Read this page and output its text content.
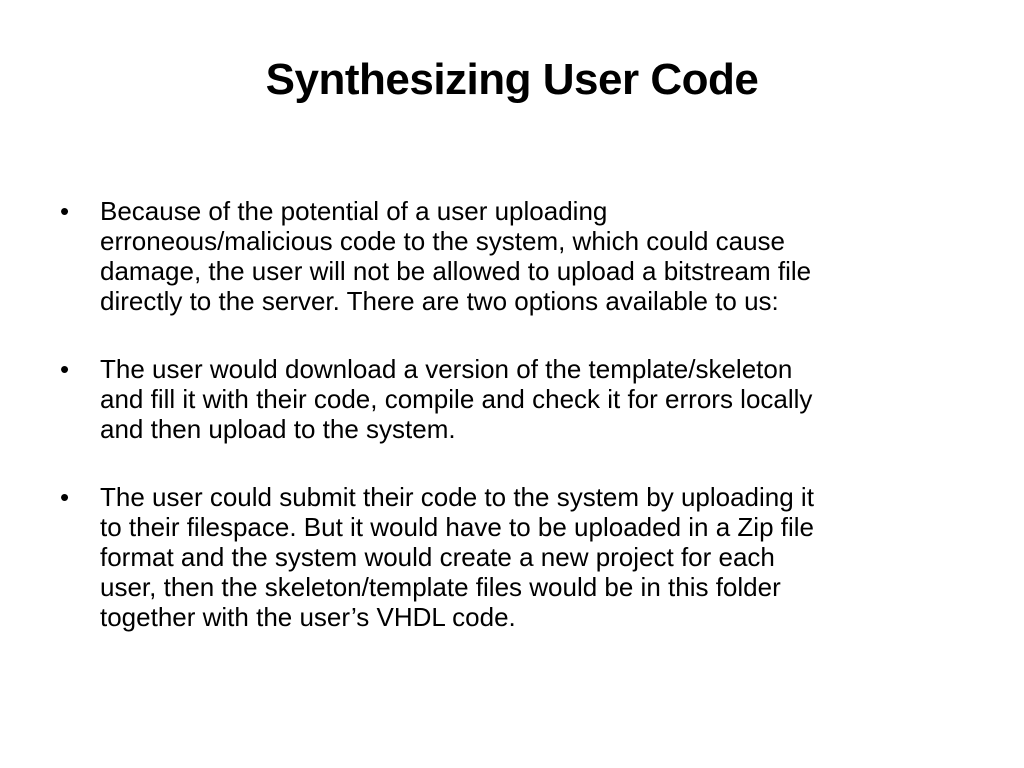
Synthesizing User Code
• Because of the potential of a user uploading
erroneous/malicious code to the system, which could cause
damage, the user will not be allowed to upload a bitstream file
directly to the server. There are two options available to us:
• The user would download a version of the template/skeleton
and fill it with their code, compile and check it for errors locally
and then upload to the system.
• The user could submit their code to the system by uploading it
to their filespace. But it would have to be uploaded in a Zip file
format and the system would create a new project for each
user, then the skeleton/template files would be in this folder
together with the user’s VHDL code.
